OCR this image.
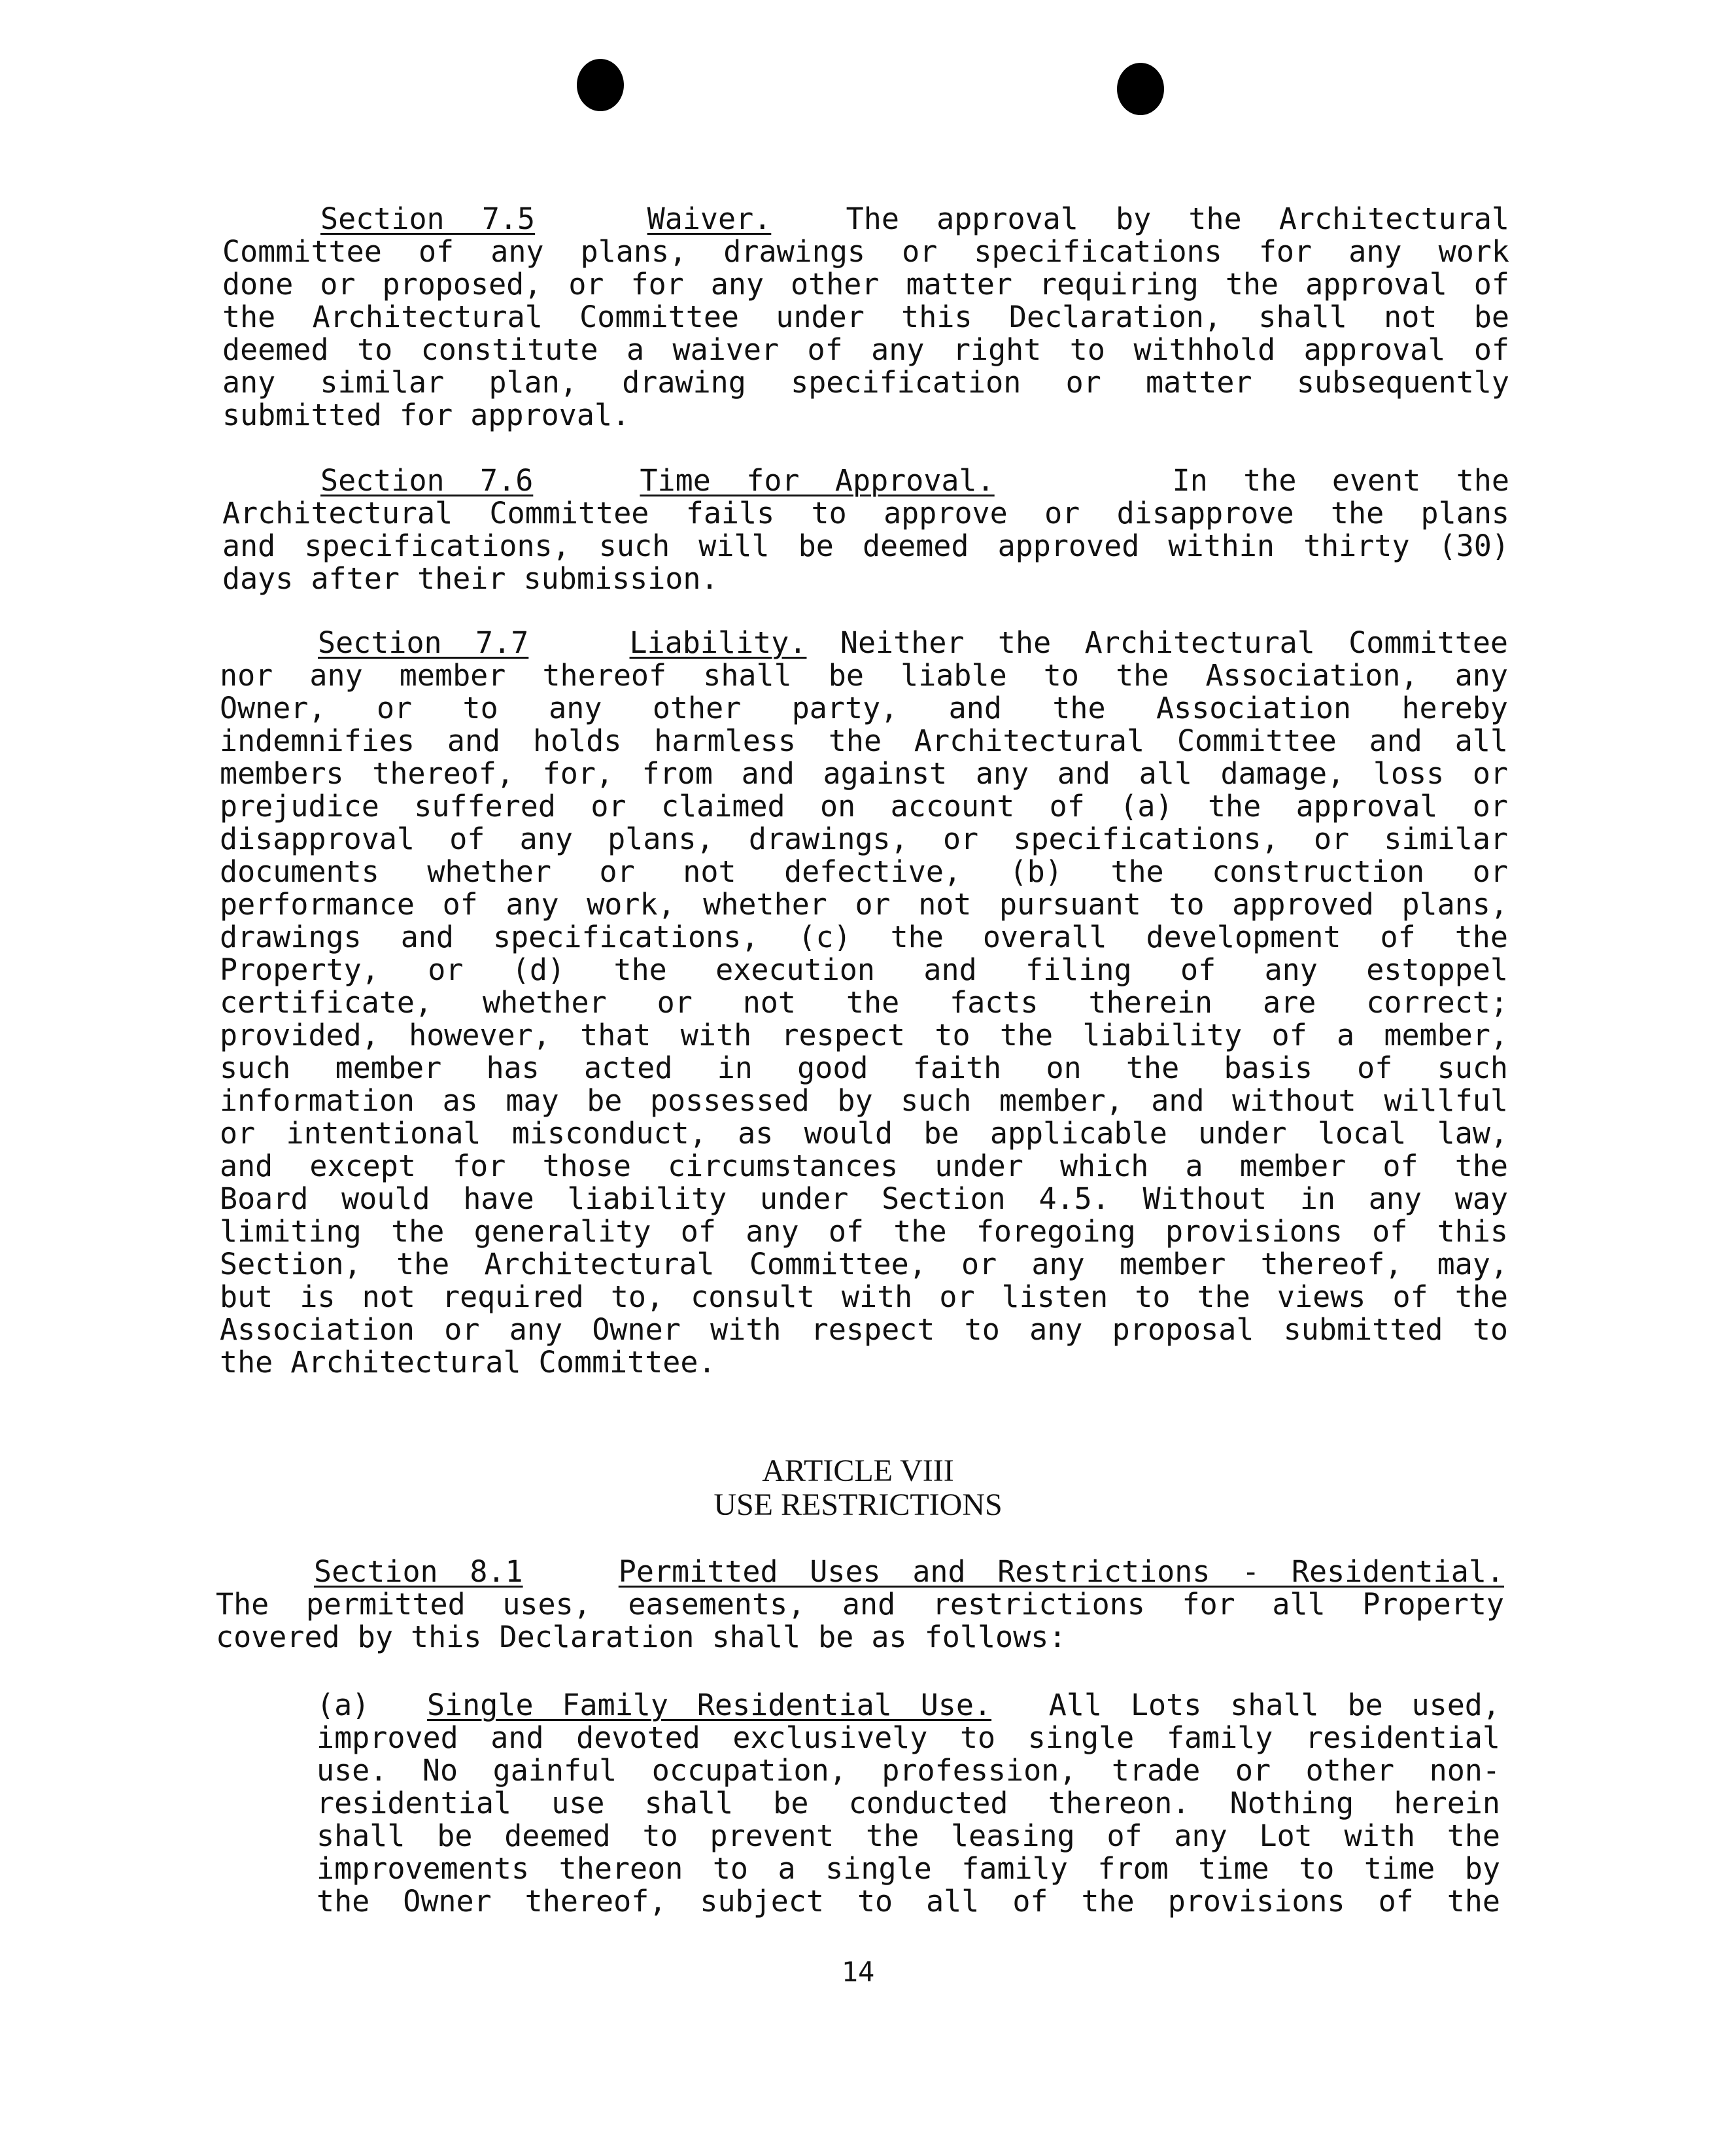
Section 7.5	Waiver.	The approval by the Architectural
Committee of any plans, drawings or specifications for any work
done or proposed, or for any other matter requiring the approval of
the Architectural Committee under this Declaration, shall not be
deemed to constitute a waiver of any right to withhold approval of
any similar plan, drawing specification or matter subsequently
submitted for approval.
Section 7.6	Time for Approval.	In the event the
Architectural Committee fails to approve or disapprove the plans
and specifications, such will be deemed approved within thirty (30)
days after their submission.
Section 7.7	Liability. Neither the Architectural Committee
nor any member thereof shall be liable to the Association, any
Owner, or to any other party, and the Association hereby
indemnifies and holds harmless the Architectural Committee and all
members thereof, for, from and against any and all damage, loss or
prejudice suffered or claimed on account of (a) the approval or
disapproval of any plans, drawings, or specifications, or similar
documents whether or not defective, (b) the construction or
performance of any work, whether or not pursuant to approved plans,
drawings and specifications, (c) the overall development of the
Property, or (d) the execution and filing of any estoppel
certificate, whether or not the facts therein are correct;
provided, however, that with respect to the liability of a member,
such member has acted in good faith on the basis of such
information as may be possessed by such member, and without willful
or intentional misconduct, as would be applicable under local law,
and except for those circumstances under which a member of the
Board would have liability under Section 4.5. Without in any way
limiting the generality of any of the foregoing provisions of this
Section, the Architectural Committee, or any member thereof, may,
but is not required to, consult with or listen to the views of the
Association or any Owner with respect to any proposal submitted to
the Architectural Committee.
ARTICLE VIII
USE RESTRICTIONS
Section 8.1	Permitted Uses and Restrictions - Residential.
The permitted uses, easements, and restrictions for all Property
covered by this Declaration shall be as follows:
(a) Single Family Residential Use. All Lots shall be used,
improved and devoted exclusively to single family residential
use. No gainful occupation, profession, trade or other non-
residential use shall be conducted thereon. Nothing herein
shall be deemed to prevent the leasing of any Lot with the
improvements thereon to a single family from time to time by
the Owner thereof, subject to all of the provisions of the
14
